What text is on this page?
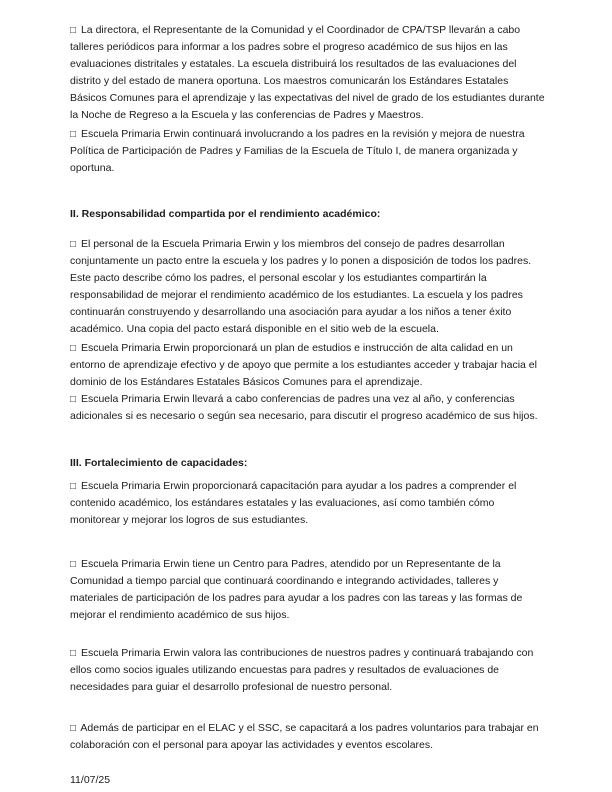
□ La directora, el Representante de la Comunidad y el Coordinador de CPA/TSP llevarán a cabo talleres periódicos para informar a los padres sobre el progreso académico de sus hijos en las evaluaciones distritales y estatales. La escuela distribuirá los resultados de las evaluaciones del distrito y del estado de manera oportuna. Los maestros comunicarán los Estándares Estatales Básicos Comunes para el aprendizaje y las expectativas del nivel de grado de los estudiantes durante la Noche de Regreso a la Escuela y las conferencias de Padres y Maestros.

□ Escuela Primaria Erwin continuará involucrando a los padres en la revisión y mejora de nuestra Política de Participación de Padres y Familias de la Escuela de Título I, de manera organizada y oportuna.

II. Responsabilidad compartida por el rendimiento académico:

□ El personal de la Escuela Primaria Erwin y los miembros del consejo de padres desarrollan conjuntamente un pacto entre la escuela y los padres y lo ponen a disposición de todos los padres. Este pacto describe cómo los padres, el personal escolar y los estudiantes compartirán la responsabilidad de mejorar el rendimiento académico de los estudiantes. La escuela y los padres continuarán construyendo y desarrollando una asociación para ayudar a los niños a tener éxito académico. Una copia del pacto estará disponible en el sitio web de la escuela.

□ Escuela Primaria Erwin proporcionará un plan de estudios e instrucción de alta calidad en un entorno de aprendizaje efectivo y de apoyo que permite a los estudiantes acceder y trabajar hacia el dominio de los Estándares Estatales Básicos Comunes para el aprendizaje.

□ Escuela Primaria Erwin llevará a cabo conferencias de padres una vez al año, y conferencias adicionales si es necesario o según sea necesario, para discutir el progreso académico de sus hijos.

III. Fortalecimiento de capacidades:

□ Escuela Primaria Erwin proporcionará capacitación para ayudar a los padres a comprender el contenido académico, los estándares estatales y las evaluaciones, así como también cómo monitorear y mejorar los logros de sus estudiantes.

□ Escuela Primaria Erwin tiene un Centro para Padres, atendido por un Representante de la Comunidad a tiempo parcial que continuará coordinando e integrando actividades, talleres y materiales de participación de los padres para ayudar a los padres con las tareas y las formas de mejorar el rendimiento académico de sus hijos.

□ Escuela Primaria Erwin valora las contribuciones de nuestros padres y continuará trabajando con ellos como socios iguales utilizando encuestas para padres y resultados de evaluaciones de necesidades para guiar el desarrollo profesional de nuestro personal.

□ Además de participar en el ELAC y el SSC, se capacitará a los padres voluntarios para trabajar en colaboración con el personal para apoyar las actividades y eventos escolares.

11/07/25
